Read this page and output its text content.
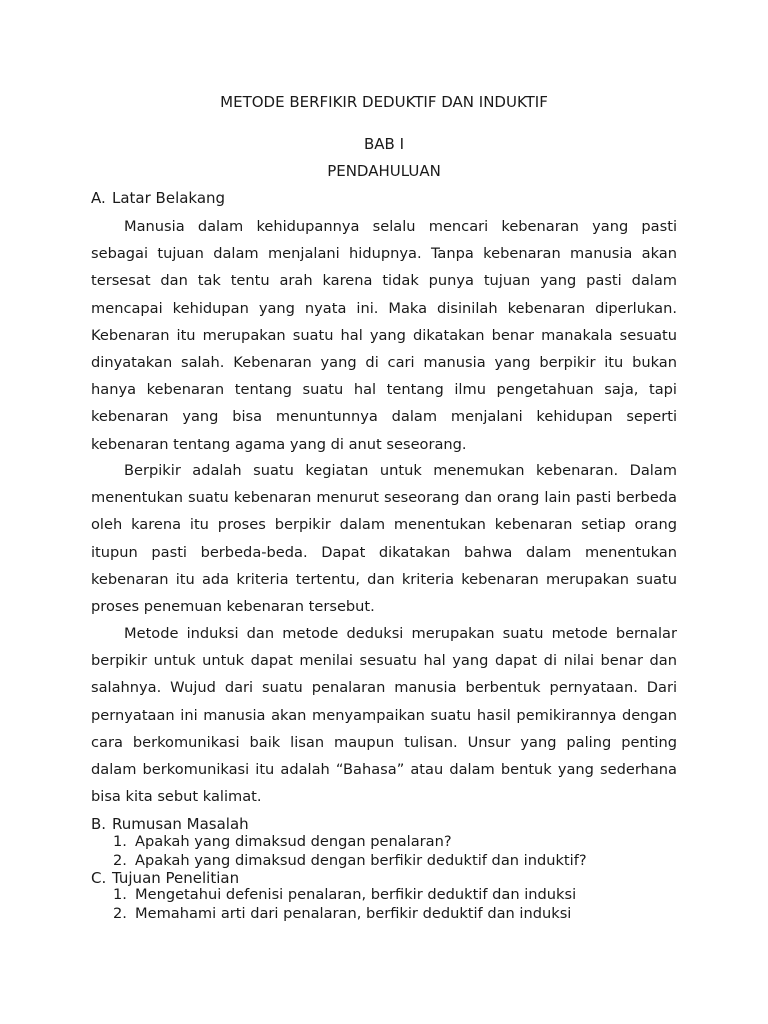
METODE BERFIKIR DEDUKTIF DAN INDUKTIF
BAB I
PENDAHULUAN
A. Latar Belakang

Manusia dalam kehidupannya selalu mencari kebenaran yang pasti sebagai tujuan dalam menjalani hidupnya. Tanpa kebenaran manusia akan tersesat dan tak tentu arah karena tidak punya tujuan yang pasti dalam mencapai kehidupan yang nyata ini. Maka disinilah kebenaran diperlukan. Kebenaran itu merupakan suatu hal yang dikatakan benar manakala sesuatu dinyatakan salah. Kebenaran yang di cari manusia yang berpikir itu bukan hanya kebenaran tentang suatu hal tentang ilmu pengetahuan saja, tapi kebenaran yang bisa menuntunnya dalam menjalani kehidupan seperti kebenaran tentang agama yang di anut seseorang.

Berpikir adalah suatu kegiatan untuk menemukan kebenaran. Dalam menentukan suatu kebenaran menurut seseorang dan orang lain pasti berbeda oleh karena itu proses berpikir dalam menentukan kebenaran setiap orang itupun pasti berbeda-beda. Dapat dikatakan bahwa dalam menentukan kebenaran itu ada kriteria tertentu, dan kriteria kebenaran merupakan suatu proses penemuan kebenaran tersebut.

Metode induksi dan metode deduksi merupakan suatu metode bernalar berpikir untuk untuk dapat menilai sesuatu hal yang dapat di nilai benar dan salahnya. Wujud dari suatu penalaran manusia berbentuk pernyataan. Dari pernyataan ini manusia akan menyampaikan suatu hasil pemikirannya dengan cara berkomunikasi baik lisan maupun tulisan. Unsur yang paling penting dalam berkomunikasi itu adalah “Bahasa” atau dalam bentuk yang sederhana bisa kita sebut kalimat.

B. Rumusan Masalah
1. Apakah yang dimaksud dengan penalaran?
2. Apakah yang dimaksud dengan berfikir deduktif dan induktif?
C. Tujuan Penelitian
1. Mengetahui defenisi penalaran, berfikir deduktif dan induksi
2. Memahami arti dari penalaran, berfikir deduktif dan induksi
